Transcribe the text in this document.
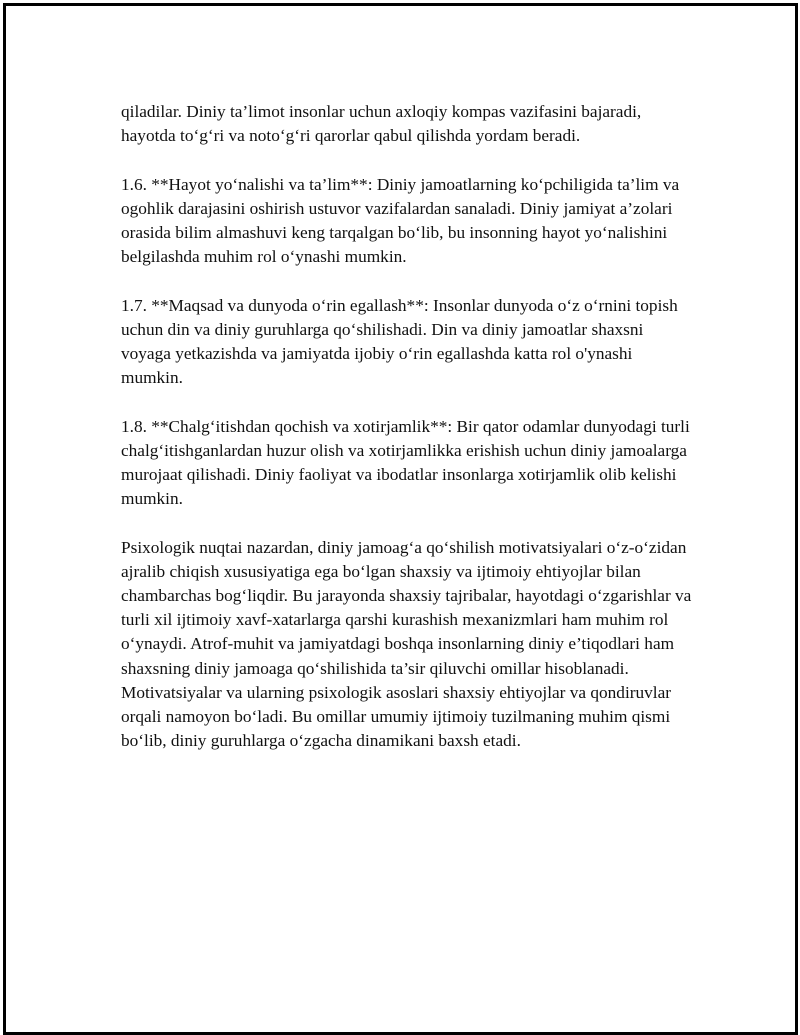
qiladilar. Diniy ta’limot insonlar uchun axloqiy kompas vazifasini bajaradi, hayotda to‘g‘ri va noto‘g‘ri qarorlar qabul qilishda yordam beradi.

1.6. **Hayot yo‘nalishi va ta’lim**: Diniy jamoatlarning ko‘pchiligida ta’lim va ogohlik darajasini oshirish ustuvor vazifalardan sanaladi. Diniy jamiyat a’zolari orasida bilim almashuvi keng tarqalgan bo‘lib, bu insonning hayot yo‘nalishini belgilashda muhim rol o‘ynashi mumkin.

1.7. **Maqsad va dunyoda o‘rin egallash**: Insonlar dunyoda o‘z o‘rnini topish uchun din va diniy guruhlarga qo‘shilishadi. Din va diniy jamoatlar shaxsni voyaga yetkazishda va jamiyatda ijobiy o‘rin egallashda katta rol o'ynashi mumkin.

1.8. **Chalg‘itishdan qochish va xotirjamlik**: Bir qator odamlar dunyodagi turli chalg‘itishganlardan huzur olish va xotirjamlikka erishish uchun diniy jamoalarga murojaat qilishadi. Diniy faoliyat va ibodatlar insonlarga xotirjamlik olib kelishi mumkin.

Psixologik nuqtai nazardan, diniy jamoag‘a qo‘shilish motivatsiyalari o‘z-o‘zidan ajralib chiqish xususiyatiga ega bo‘lgan shaxsiy va ijtimoiy ehtiyojlar bilan chambarchas bog‘liqdir. Bu jarayonda shaxsiy tajribalar, hayotdagi o‘zgarishlar va turli xil ijtimoiy xavf-xatarlarga qarshi kurashish mexanizmlari ham muhim rol o‘ynaydi. Atrof-muhit va jamiyatdagi boshqa insonlarning diniy e’tiqodlari ham shaxsning diniy jamoaga qo‘shilishida ta’sir qiluvchi omillar hisoblanadi. Motivatsiyalar va ularning psixologik asoslari shaxsiy ehtiyojlar va qondiruvlar orqali namoyon bo‘ladi. Bu omillar umumiy ijtimoiy tuzilmaning muhim qismi bo‘lib, diniy guruhlarga o‘zgacha dinamikani baxsh etadi.
